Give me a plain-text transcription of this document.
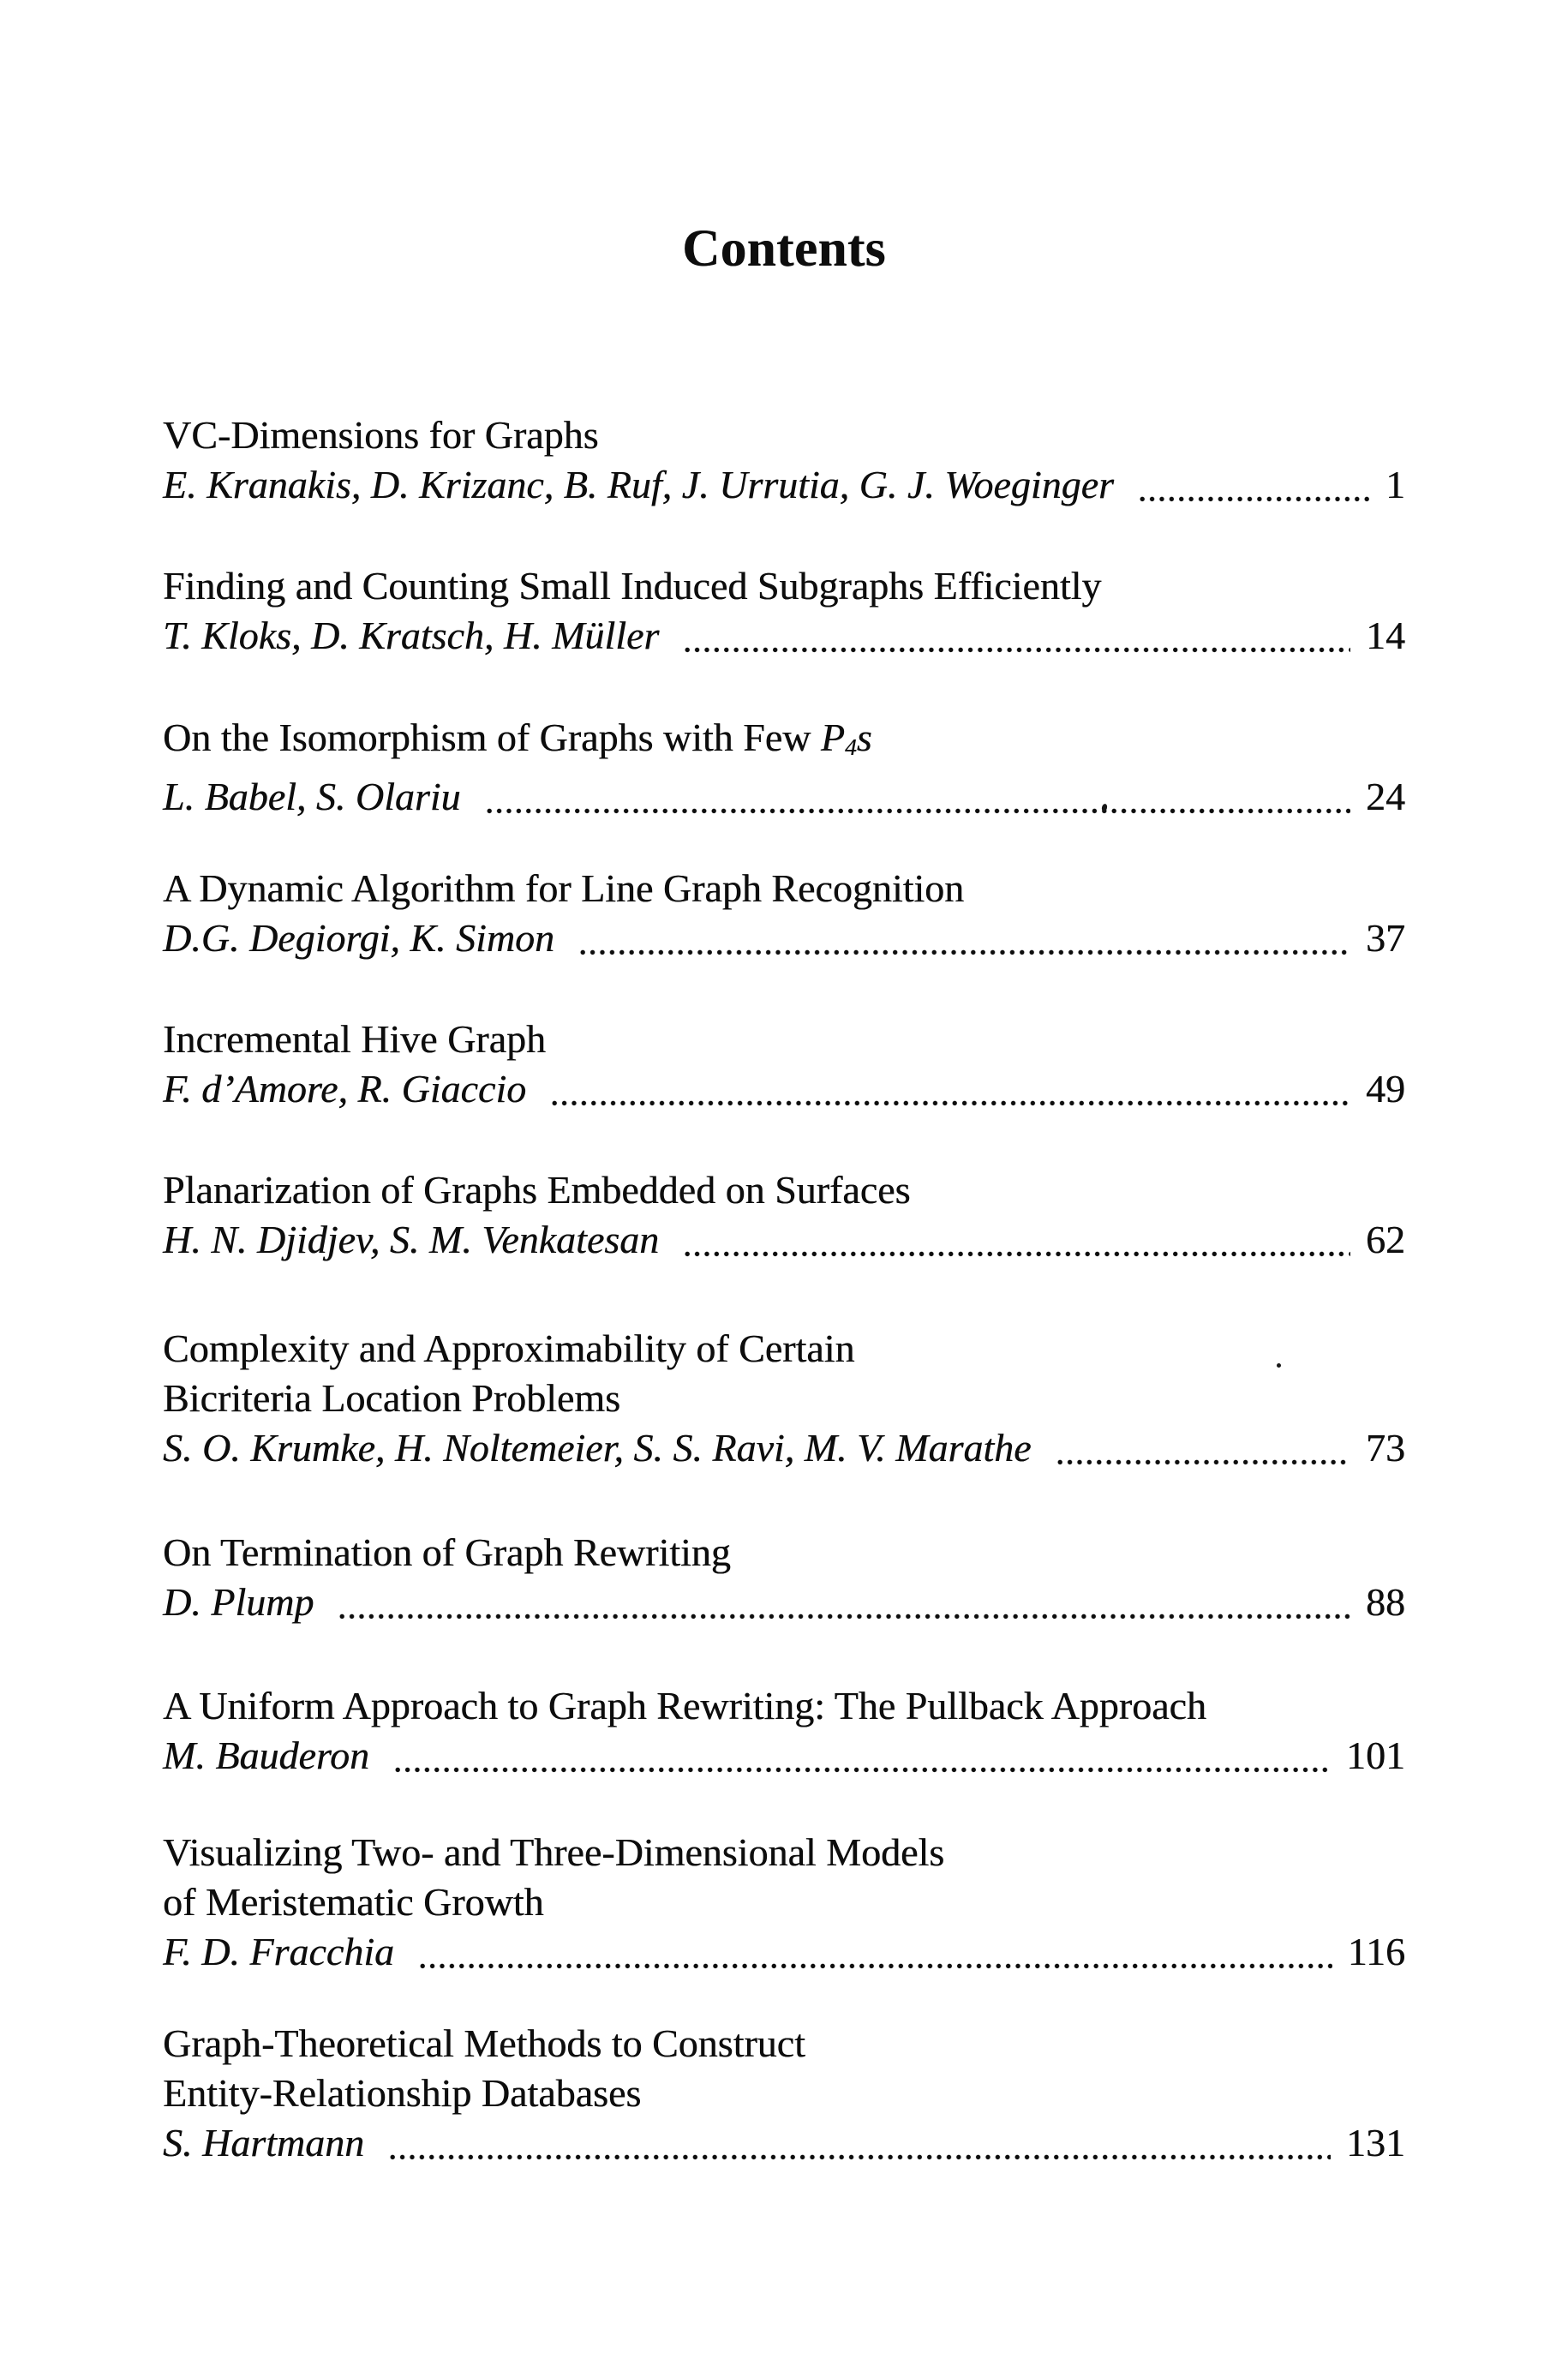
Contents
VC-Dimensions for Graphs
E. Kranakis, D. Krizanc, B. Ruf, J. Urrutia, G. J. Woeginger	1
Finding and Counting Small Induced Subgraphs Efficiently
T. Kloks, D. Kratsch, H. Müller	14
On the Isomorphism of Graphs with Few P4s
L. Babel, S. Olariu	24
A Dynamic Algorithm for Line Graph Recognition
D.G. Degiorgi, K. Simon	37
Incremental Hive Graph
F. d’Amore, R. Giaccio	49
Planarization of Graphs Embedded on Surfaces
H. N. Djidjev, S. M. Venkatesan	62
Complexity and Approximability of Certain
Bicriteria Location Problems
S. O. Krumke, H. Noltemeier, S. S. Ravi, M. V. Marathe	73
On Termination of Graph Rewriting
D. Plump	88
A Uniform Approach to Graph Rewriting: The Pullback Approach
M. Bauderon	101
Visualizing Two- and Three-Dimensional Models
of Meristematic Growth
F. D. Fracchia	116
Graph-Theoretical Methods to Construct
Entity-Relationship Databases
S. Hartmann	131
